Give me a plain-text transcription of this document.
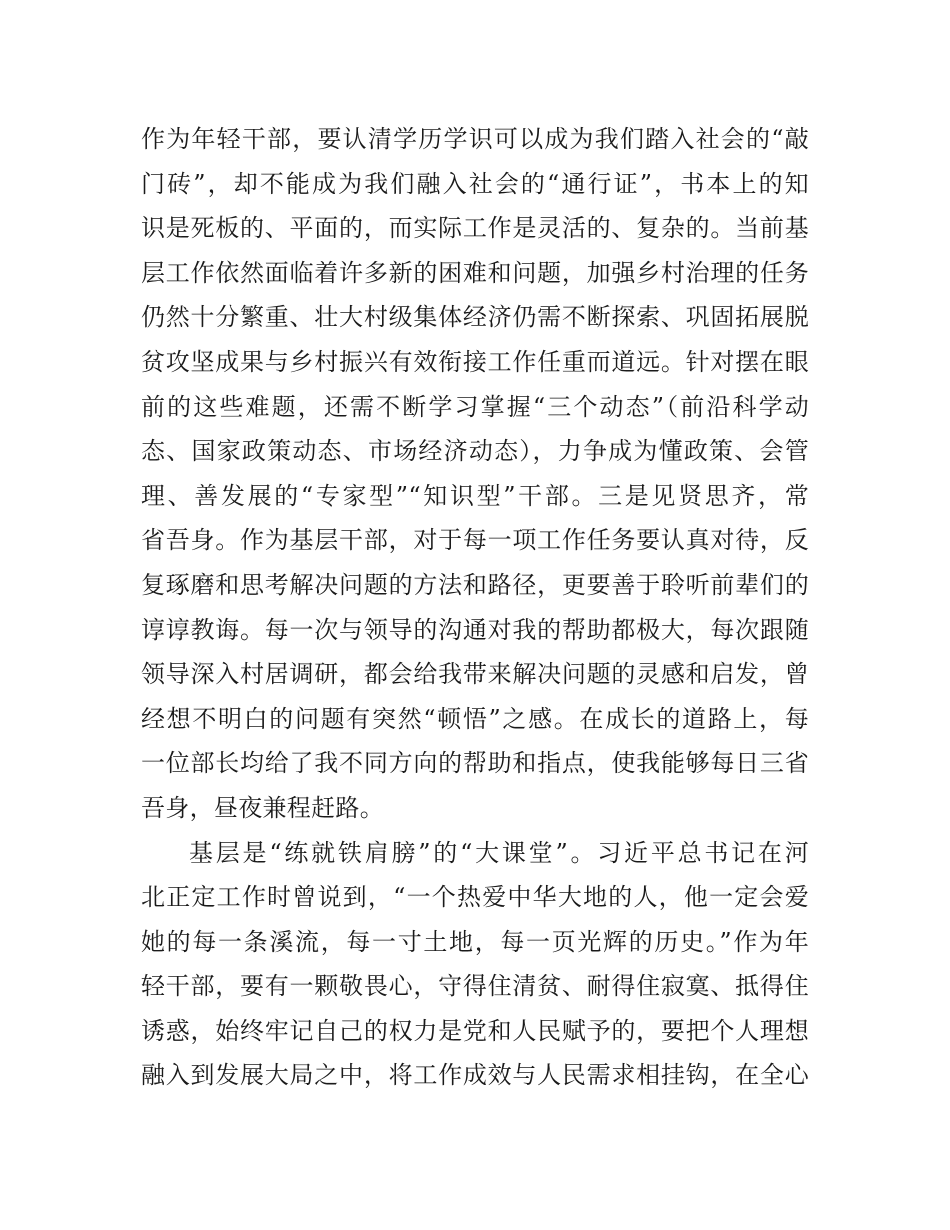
作为年轻干部，要认清学历学识可以成为我们踏入社会的“敲
门砖”，却不能成为我们融入社会的“通行证”，书本上的知
识是死板的、平面的，而实际工作是灵活的、复杂的。当前基
层工作依然面临着许多新的困难和问题，加强乡村治理的任务
仍然十分繁重、壮大村级集体经济仍需不断探索、巩固拓展脱
贫攻坚成果与乡村振兴有效衔接工作任重而道远。针对摆在眼
前的这些难题，还需不断学习掌握“三个动态”（前沿科学动
态、国家政策动态、市场经济动态），力争成为懂政策、会管
理、善发展的“专家型”“知识型”干部。三是见贤思齐，常
省吾身。作为基层干部，对于每一项工作任务要认真对待，反
复琢磨和思考解决问题的方法和路径，更要善于聆听前辈们的
谆谆教诲。每一次与领导的沟通对我的帮助都极大，每次跟随
领导深入村居调研，都会给我带来解决问题的灵感和启发，曾
经想不明白的问题有突然“顿悟”之感。在成长的道路上，每
一位部长均给了我不同方向的帮助和指点，使我能够每日三省
吾身，昼夜兼程赶路。
基层是“练就铁肩膀”的“大课堂”。习近平总书记在河
北正定工作时曾说到，“一个热爱中华大地的人，他一定会爱
她的每一条溪流，每一寸土地，每一页光辉的历史。”作为年
轻干部，要有一颗敬畏心，守得住清贫、耐得住寂寞、抵得住
诱惑，始终牢记自己的权力是党和人民赋予的，要把个人理想
融入到发展大局之中，将工作成效与人民需求相挂钩，在全心
